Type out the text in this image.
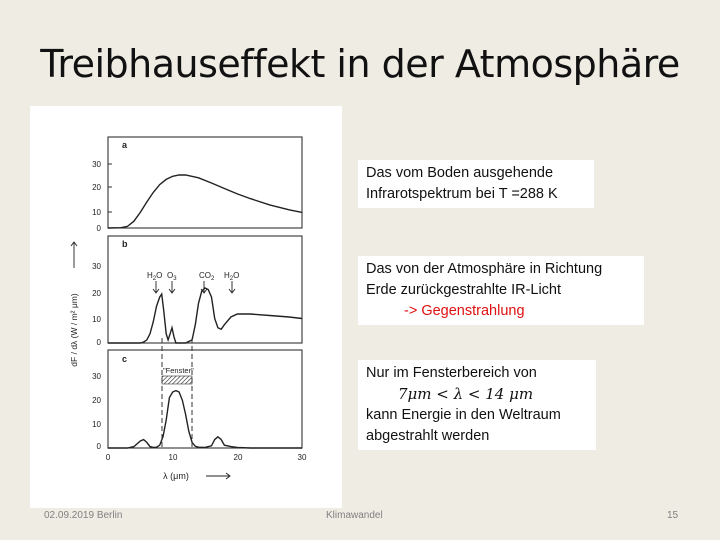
Treibhauseffekt in der Atmosphäre
a
30
20
10
0
b
30
20
10
0
$H_2O$ $O_3$	$CO_2$ $H_2O$
c
30
20
10
0
0	10	20	30
"Fenster"
dF / dλ (W / m² μm)
λ (μm)
Das vom Boden ausgehende
Infrarotspektrum bei T =288 K
Das von der Atmosphäre in Richtung
Erde zurückgestrahlte IR-Licht
-> Gegenstrahlung
Nur im Fensterbereich von
7μm < λ < 14 μm
kann Energie in den Weltraum
abgestrahlt werden
02.09.2019 Berlin	Klimawandel	15
